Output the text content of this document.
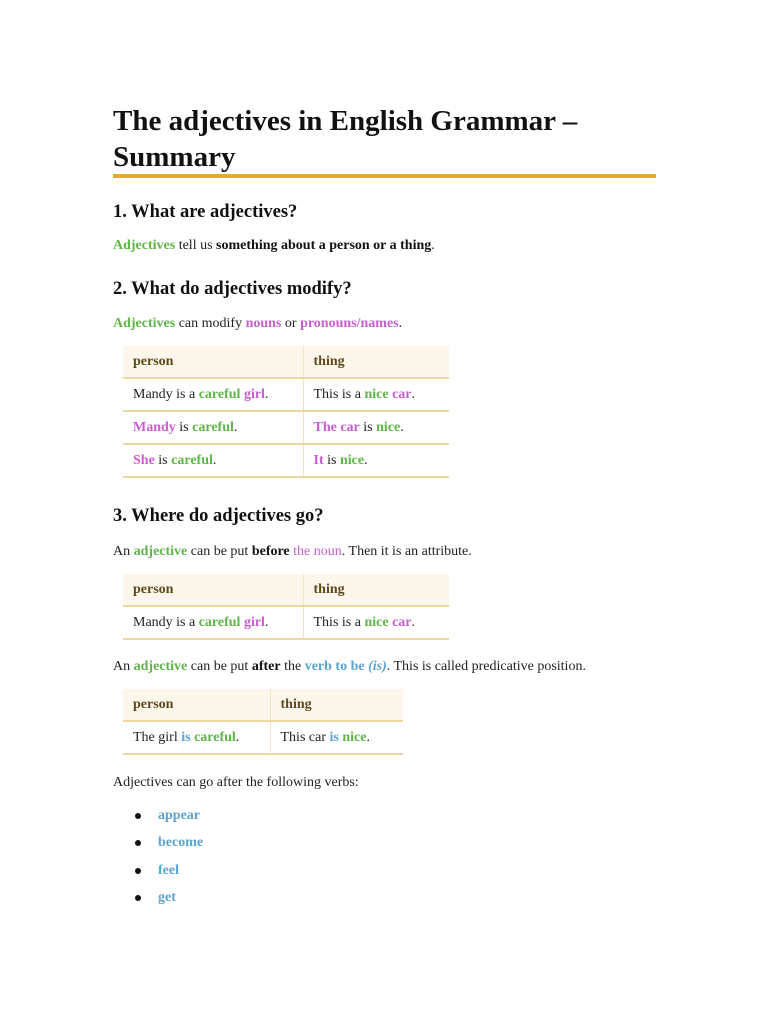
The adjectives in English Grammar – Summary
1. What are adjectives?

Adjectives tell us something about a person or a thing.

2. What do adjectives modify?

Adjectives can modify nouns or pronouns/names.

person	thing
Mandy is a careful girl.	This is a nice car.
Mandy is careful.	The car is nice.
She is careful.	It is nice.
3. Where do adjectives go?

An adjective can be put before the noun. Then it is an attribute.

person	thing
Mandy is a careful girl.	This is a nice car.

An adjective can be put after the verb to be (is). This is called predicative position.

person	thing
The girl is careful.	This car is nice.

Adjectives can go after the following verbs:

appear
become
feel
get
